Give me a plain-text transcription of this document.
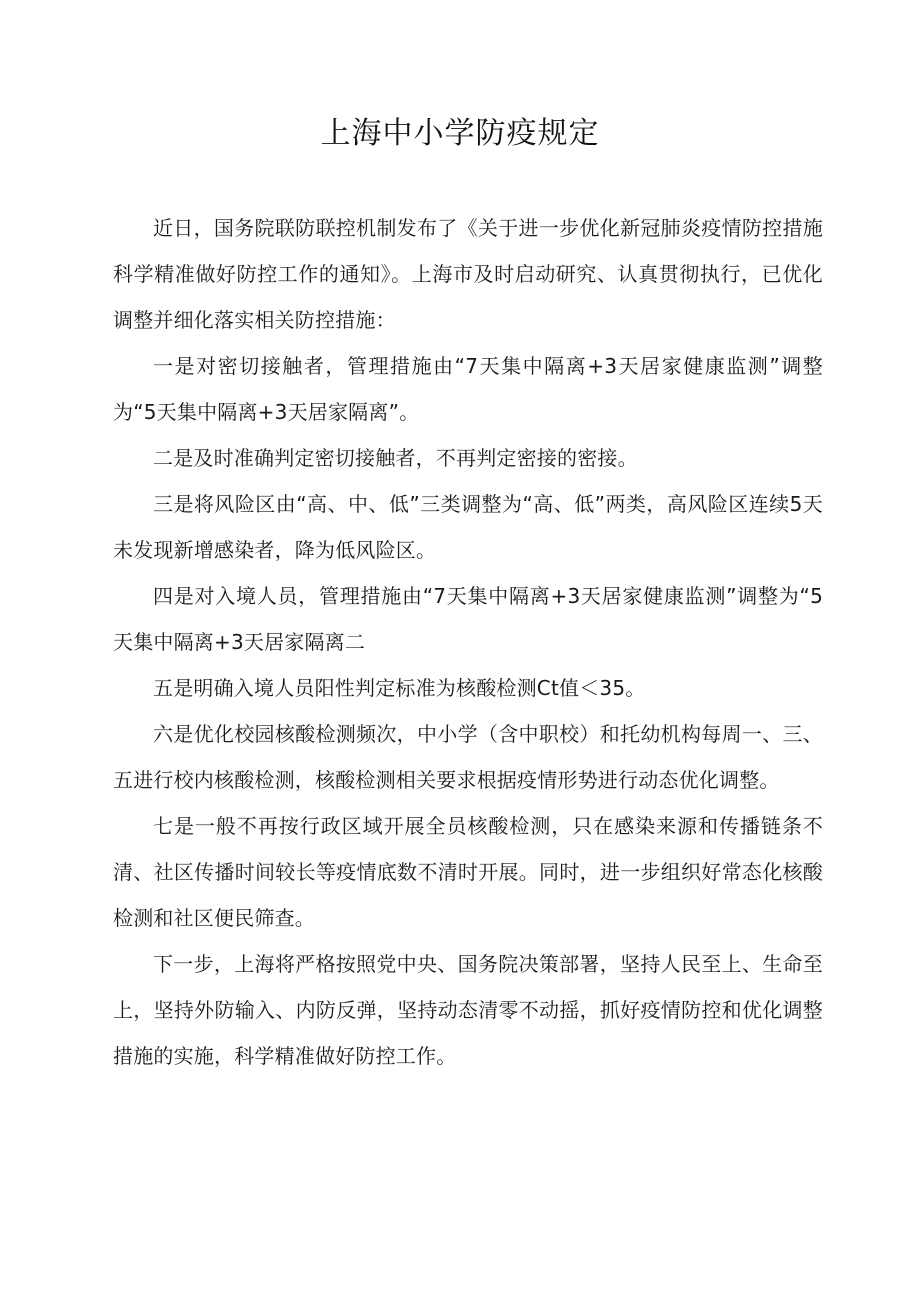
上海中小学防疫规定

近日，国务院联防联控机制发布了《关于进一步优化新冠肺炎疫情防控措施科学精准做好防控工作的通知》。上海市及时启动研究、认真贯彻执行，已优化调整并细化落实相关防控措施：

一是对密切接触者，管理措施由“7天集中隔离+3天居家健康监测”调整为“5天集中隔离+3天居家隔离”。

二是及时准确判定密切接触者，不再判定密接的密接。

三是将风险区由“高、中、低”三类调整为“高、低”两类，高风险区连续5天未发现新增感染者，降为低风险区。

四是对入境人员，管理措施由“7天集中隔离+3天居家健康监测”调整为“5天集中隔离+3天居家隔离二

五是明确入境人员阳性判定标准为核酸检测Ct值＜35。

六是优化校园核酸检测频次，中小学（含中职校）和托幼机构每周一、三、五进行校内核酸检测，核酸检测相关要求根据疫情形势进行动态优化调整。

七是一般不再按行政区域开展全员核酸检测，只在感染来源和传播链条不清、社区传播时间较长等疫情底数不清时开展。同时，进一步组织好常态化核酸检测和社区便民筛查。

下一步，上海将严格按照党中央、国务院决策部署，坚持人民至上、生命至上，坚持外防输入、内防反弹，坚持动态清零不动摇，抓好疫情防控和优化调整措施的实施，科学精准做好防控工作。
